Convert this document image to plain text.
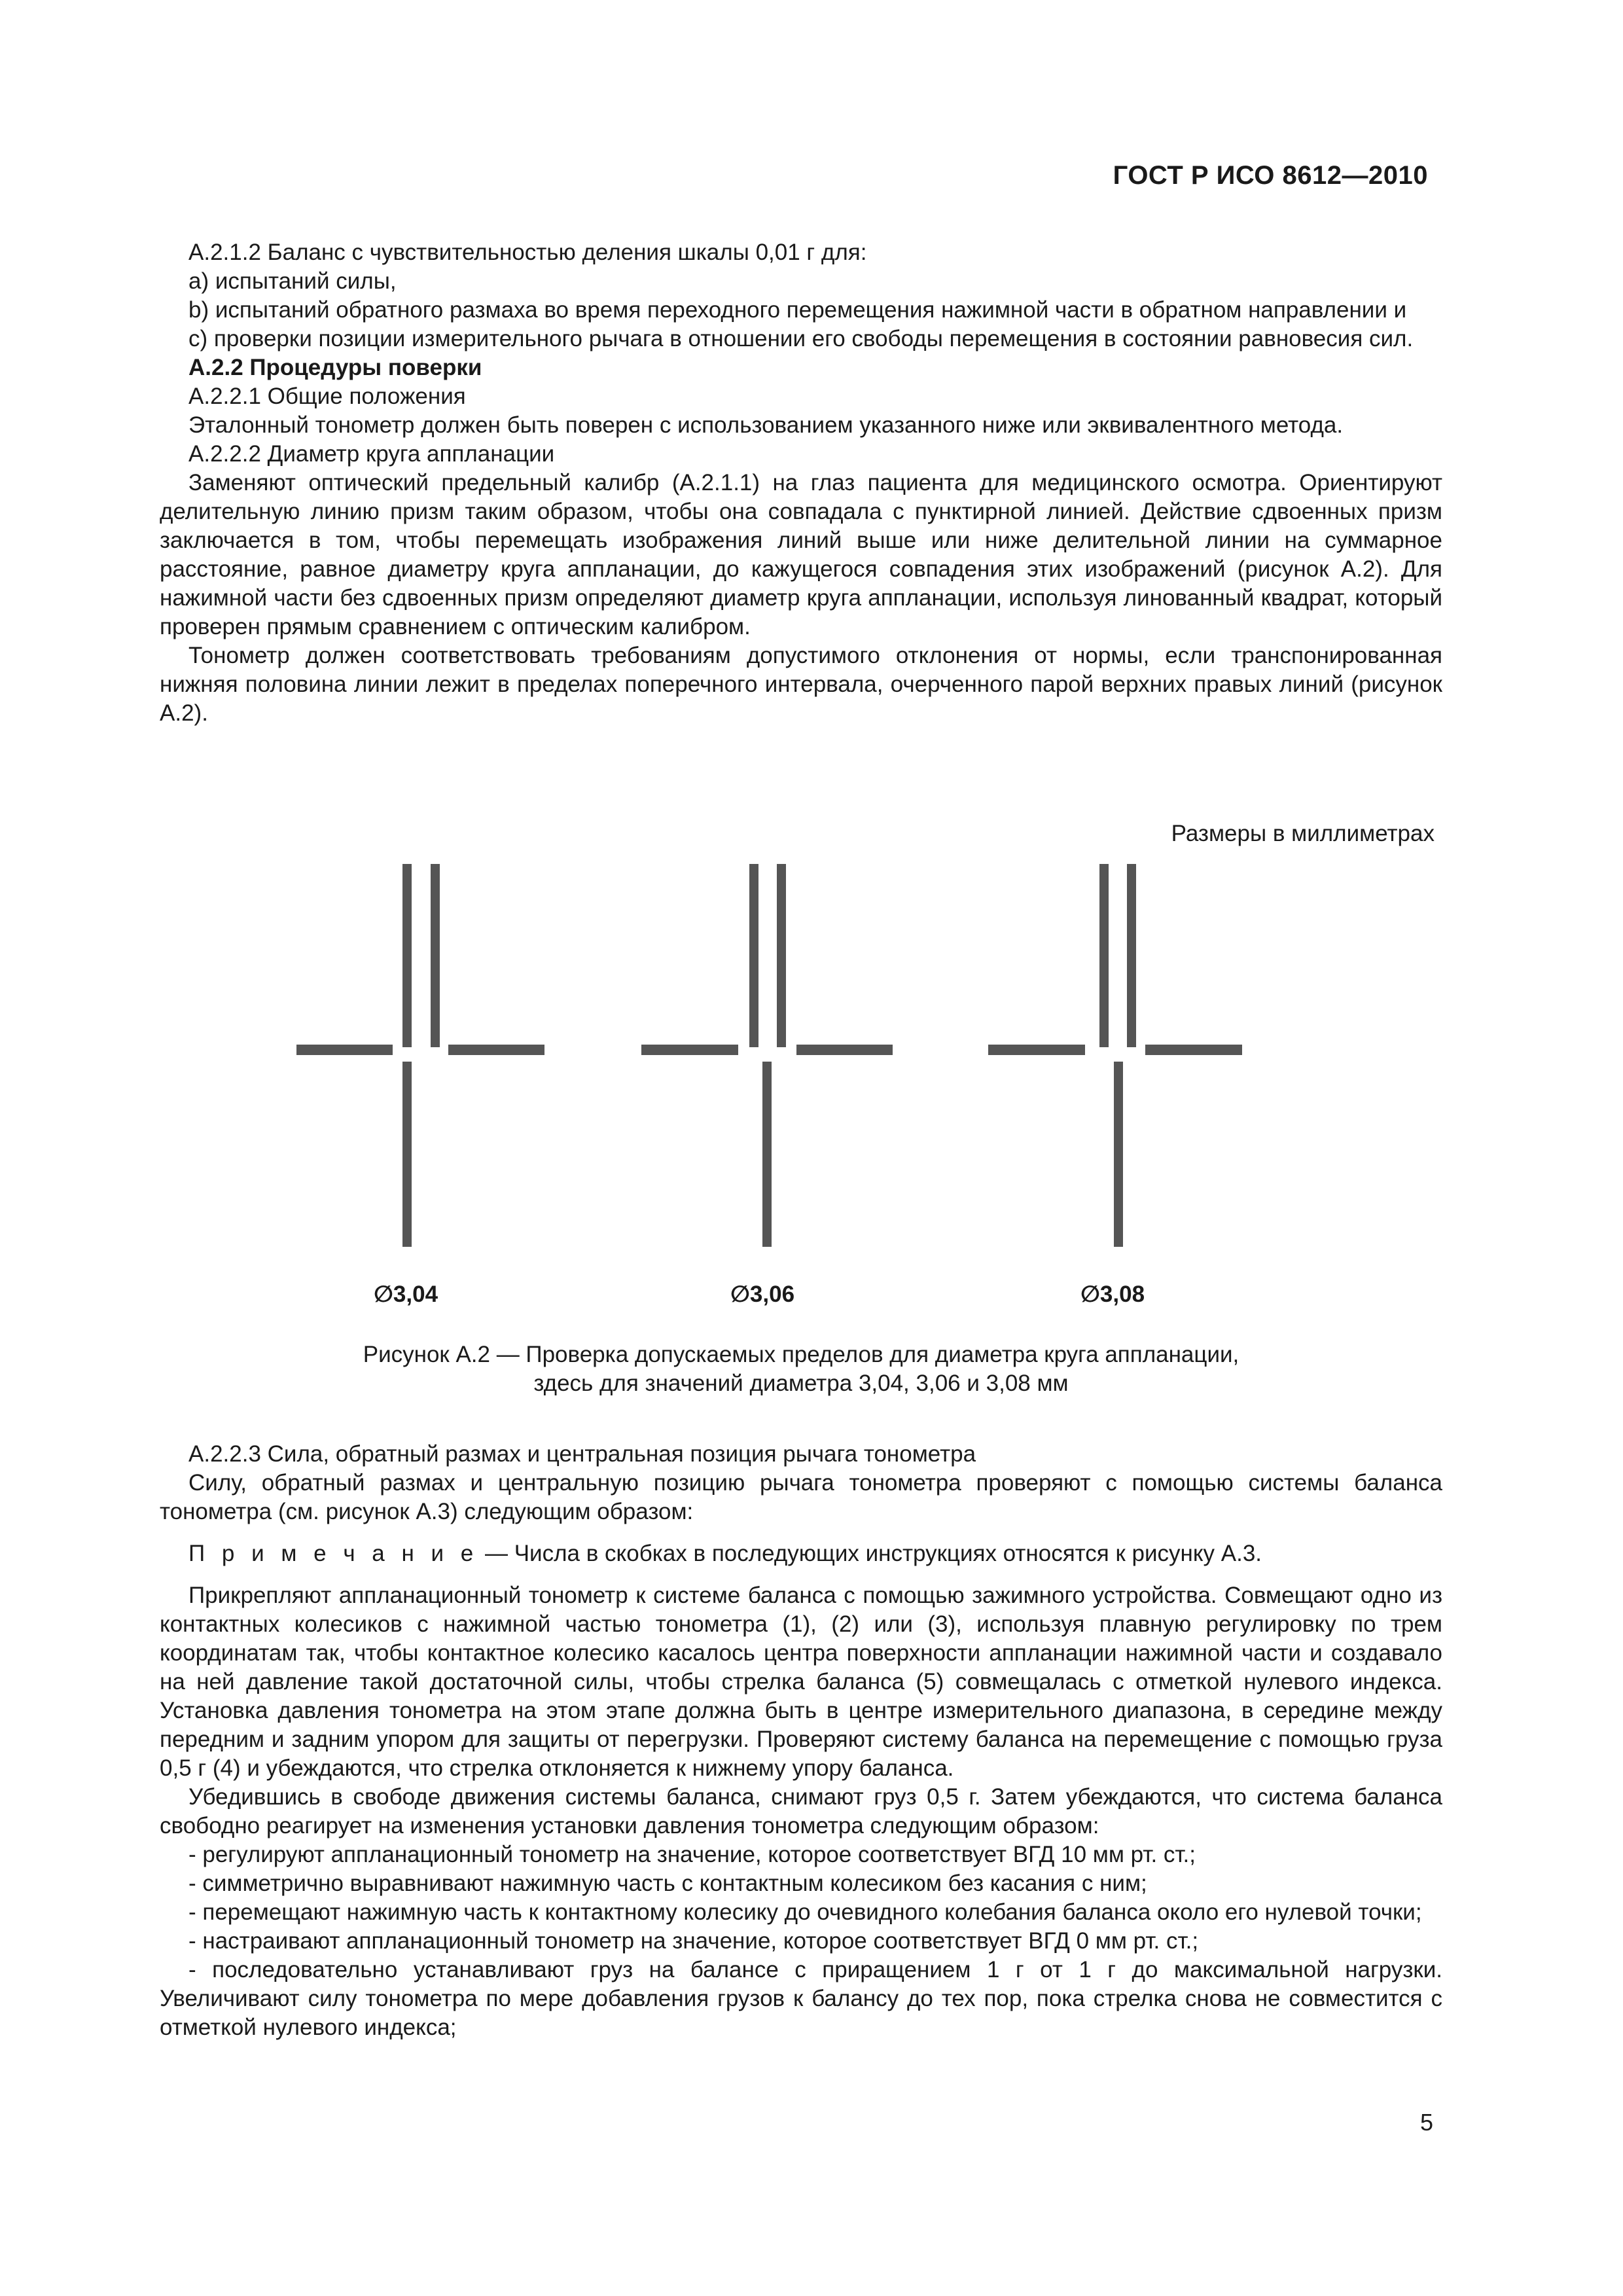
ГОСТ Р ИСО 8612—2010

А.2.1.2 Баланс с чувствительностью деления шкалы 0,01 г для:

a) испытаний силы,

b) испытаний обратного размаха во время переходного перемещения нажимной части в обратном направлении и

c) проверки позиции измерительного рычага в отношении его свободы перемещения в состоянии равновесия сил.

А.2.2 Процедуры поверки

А.2.2.1 Общие положения

Эталонный тонометр должен быть поверен с использованием указанного ниже или эквивалентного метода.

А.2.2.2 Диаметр круга аппланации

Заменяют оптический предельный калибр (А.2.1.1) на глаз пациента для медицинского осмотра. Ориентируют делительную линию призм таким образом, чтобы она совпадала с пунктирной линией. Действие сдвоенных призм заключается в том, чтобы перемещать изображения линий выше или ниже делительной линии на суммарное расстояние, равное диаметру круга аппланации, до кажущегося совпадения этих изображений (рисунок А.2). Для нажимной части без сдвоенных призм определяют диаметр круга аппланации, используя линованный квадрат, который проверен прямым сравнением с оптическим калибром.

Тонометр должен соответствовать требованиям допустимого отклонения от нормы, если транспонированная нижняя половина линии лежит в пределах поперечного интервала, очерченного парой верхних правых линий (рисунок А.2).

Размеры в миллиметрах
∅3,04	∅3,06	∅3,08
Рисунок А.2 — Проверка допускаемых пределов для диаметра круга аппланации,
здесь для значений диаметра 3,04, 3,06 и 3,08 мм

А.2.2.3 Сила, обратный размах и центральная позиция рычага тонометра

Силу, обратный размах и центральную позицию рычага тонометра проверяют с помощью системы баланса тонометра (см. рисунок А.3) следующим образом:

П р и м е ч а н и е — Числа в скобках в последующих инструкциях относятся к рисунку А.3.

Прикрепляют аппланационный тонометр к системе баланса с помощью зажимного устройства. Совмещают одно из контактных колесиков с нажимной частью тонометра (1), (2) или (3), используя плавную регулировку по трем координатам так, чтобы контактное колесико касалось центра поверхности аппланации нажимной части и создавало на ней давление такой достаточной силы, чтобы стрелка баланса (5) совмещалась с отметкой нулевого индекса. Установка давления тонометра на этом этапе должна быть в центре измерительного диапазона, в середине между передним и задним упором для защиты от перегрузки. Проверяют систему баланса на перемещение с помощью груза 0,5 г (4) и убеждаются, что стрелка отклоняется к нижнему упору баланса.

Убедившись в свободе движения системы баланса, снимают груз 0,5 г. Затем убеждаются, что система баланса свободно реагирует на изменения установки давления тонометра следующим образом:

- регулируют аппланационный тонометр на значение, которое соответствует ВГД 10 мм рт. ст.;

- симметрично выравнивают нажимную часть с контактным колесиком без касания с ним;

- перемещают нажимную часть к контактному колесику до очевидного колебания баланса около его нулевой точки;

- настраивают аппланационный тонометр на значение, которое соответствует ВГД 0 мм рт. ст.;

- последовательно устанавливают груз на балансе с приращением 1 г от 1 г до максимальной нагрузки. Увеличивают силу тонометра по мере добавления грузов к балансу до тех пор, пока стрелка снова не совместится с отметкой нулевого индекса;

5
